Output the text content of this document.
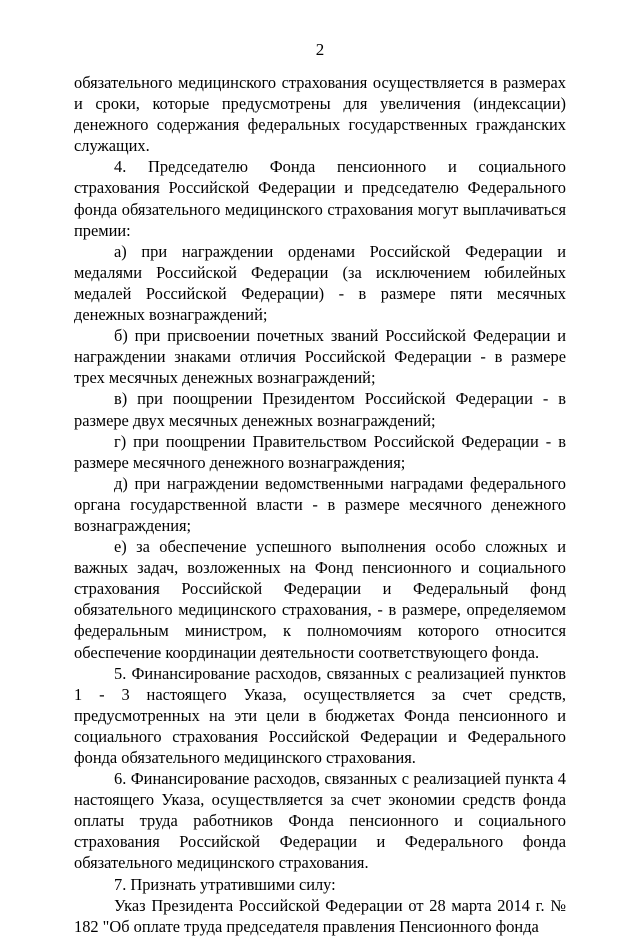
2

обязательного медицинского страхования осуществляется в размерах и сроки, которые предусмотрены для увеличения (индексации) денежного содержания федеральных государственных гражданских служащих.

4. Председателю Фонда пенсионного и социального страхования Российской Федерации и председателю Федерального фонда обязательного медицинского страхования могут выплачиваться премии:

а) при награждении орденами Российской Федерации и медалями Российской Федерации (за исключением юбилейных медалей Российской Федерации) - в размере пяти месячных денежных вознаграждений;

б) при присвоении почетных званий Российской Федерации и награждении знаками отличия Российской Федерации - в размере трех месячных денежных вознаграждений;

в) при поощрении Президентом Российской Федерации - в размере двух месячных денежных вознаграждений;

г) при поощрении Правительством Российской Федерации - в размере месячного денежного вознаграждения;

д) при награждении ведомственными наградами федерального органа государственной власти - в размере месячного денежного вознаграждения;

е) за обеспечение успешного выполнения особо сложных и важных задач, возложенных на Фонд пенсионного и социального страхования Российской Федерации и Федеральный фонд обязательного медицинского страхования, - в размере, определяемом федеральным министром, к полномочиям которого относится обеспечение координации деятельности соответствующего фонда.

5. Финансирование расходов, связанных с реализацией пунктов 1 - 3 настоящего Указа, осуществляется за счет средств, предусмотренных на эти цели в бюджетах Фонда пенсионного и социального страхования Российской Федерации и Федерального фонда обязательного медицинского страхования.

6. Финансирование расходов, связанных с реализацией пункта 4 настоящего Указа, осуществляется за счет экономии средств фонда оплаты труда работников Фонда пенсионного и социального страхования Российской Федерации и Федерального фонда обязательного медицинского страхования.

7. Признать утратившими силу:

Указ Президента Российской Федерации от 28 марта 2014 г. № 182 "Об оплате труда председателя правления Пенсионного фонда
